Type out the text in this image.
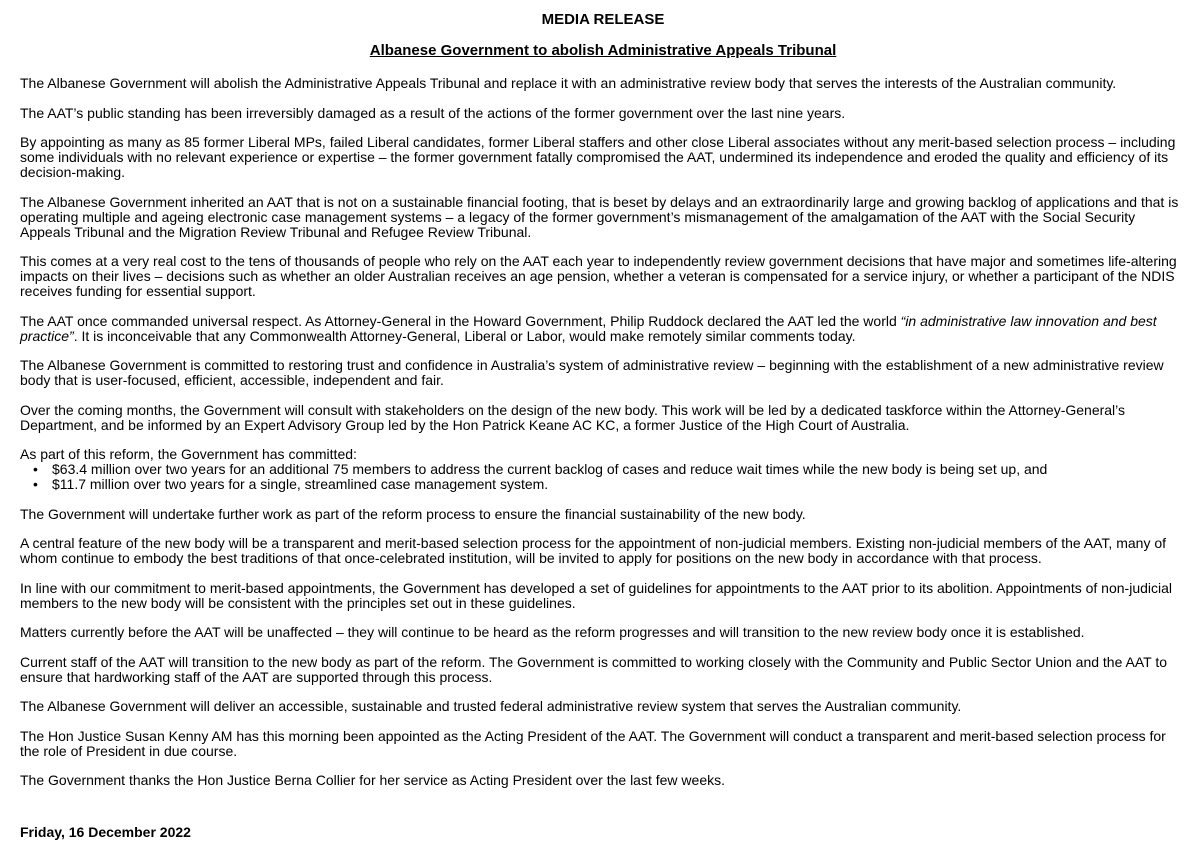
MEDIA RELEASE

Albanese Government to abolish Administrative Appeals Tribunal

The Albanese Government will abolish the Administrative Appeals Tribunal and replace it with an administrative review body that serves the interests of the Australian community.

The AAT’s public standing has been irreversibly damaged as a result of the actions of the former government over the last nine years.

By appointing as many as 85 former Liberal MPs, failed Liberal candidates, former Liberal staffers and other close Liberal associates without any merit-based selection process – including some individuals with no relevant experience or expertise – the former government fatally compromised the AAT, undermined its independence and eroded the quality and efficiency of its decision-making.

The Albanese Government inherited an AAT that is not on a sustainable financial footing, that is beset by delays and an extraordinarily large and growing backlog of applications and that is operating multiple and ageing electronic case management systems – a legacy of the former government’s mismanagement of the amalgamation of the AAT with the Social Security Appeals Tribunal and the Migration Review Tribunal and Refugee Review Tribunal.

This comes at a very real cost to the tens of thousands of people who rely on the AAT each year to independently review government decisions that have major and sometimes life-altering impacts on their lives – decisions such as whether an older Australian receives an age pension, whether a veteran is compensated for a service injury, or whether a participant of the NDIS receives funding for essential support.

The AAT once commanded universal respect. As Attorney-General in the Howard Government, Philip Ruddock declared the AAT led the world “in administrative law innovation and best practice”. It is inconceivable that any Commonwealth Attorney-General, Liberal or Labor, would make remotely similar comments today.

The Albanese Government is committed to restoring trust and confidence in Australia’s system of administrative review – beginning with the establishment of a new administrative review body that is user-focused, efficient, accessible, independent and fair.

Over the coming months, the Government will consult with stakeholders on the design of the new body. This work will be led by a dedicated taskforce within the Attorney-General’s Department, and be informed by an Expert Advisory Group led by the Hon Patrick Keane AC KC, a former Justice of the High Court of Australia.

As part of this reform, the Government has committed:
• $63.4 million over two years for an additional 75 members to address the current backlog of cases and reduce wait times while the new body is being set up, and
• $11.7 million over two years for a single, streamlined case management system.

The Government will undertake further work as part of the reform process to ensure the financial sustainability of the new body.

A central feature of the new body will be a transparent and merit-based selection process for the appointment of non-judicial members. Existing non-judicial members of the AAT, many of whom continue to embody the best traditions of that once-celebrated institution, will be invited to apply for positions on the new body in accordance with that process.

In line with our commitment to merit-based appointments, the Government has developed a set of guidelines for appointments to the AAT prior to its abolition. Appointments of non-judicial members to the new body will be consistent with the principles set out in these guidelines.

Matters currently before the AAT will be unaffected – they will continue to be heard as the reform progresses and will transition to the new review body once it is established.

Current staff of the AAT will transition to the new body as part of the reform. The Government is committed to working closely with the Community and Public Sector Union and the AAT to ensure that hardworking staff of the AAT are supported through this process.

The Albanese Government will deliver an accessible, sustainable and trusted federal administrative review system that serves the Australian community.

The Hon Justice Susan Kenny AM has this morning been appointed as the Acting President of the AAT. The Government will conduct a transparent and merit-based selection process for the role of President in due course.

The Government thanks the Hon Justice Berna Collier for her service as Acting President over the last few weeks.

Friday, 16 December 2022
